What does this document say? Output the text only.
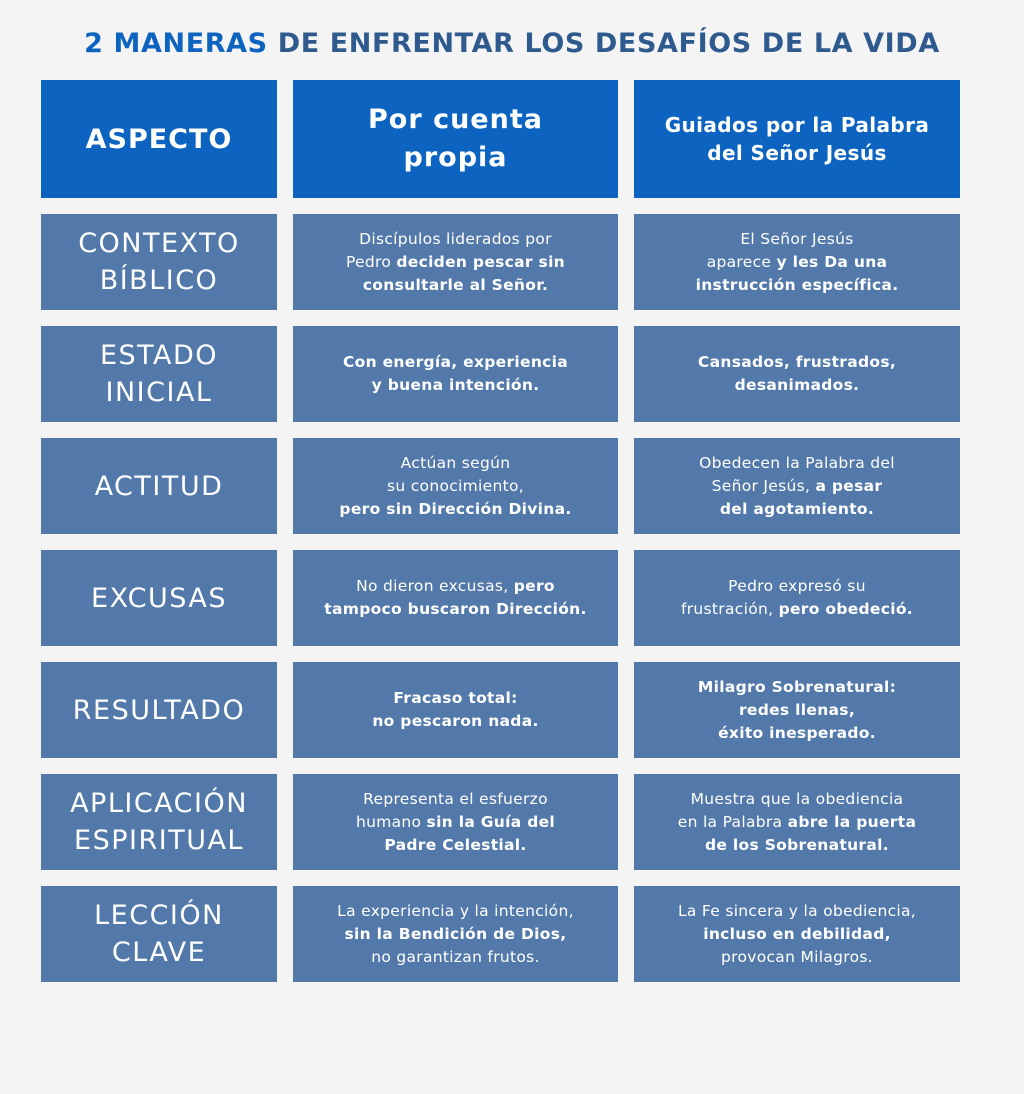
2 MANERAS DE ENFRENTAR LOS DESAFÍOS DE LA VIDA
ASPECTO
Por cuenta propia
Guiados por la Palabra del Señor Jesús
CONTEXTO
BÍBLICO
Discípulos liderados por
Pedro deciden pescar sin
consultarle al Señor.
El Señor Jesús
aparece y les Da una
instrucción específica.
ESTADO
INICIAL
Con energía, experiencia
y buena intención.
Cansados, frustrados,
desanimados.
ACTITUD
Actúan según
su conocimiento,
pero sin Dirección Divina.
Obedecen la Palabra del
Señor Jesús, a pesar
del agotamiento.
EXCUSAS	No dieron excusas, pero
tampoco buscaron Dirección.
Pedro expresó su
frustración, pero obedeció.
RESULTADO	Fracaso total:
no pescaron nada.
Milagro Sobrenatural:
redes llenas,
éxito inesperado.
APLICACIÓN
ESPIRITUAL
Representa el esfuerzo
humano sin la Guía del
Padre Celestial.
Muestra que la obediencia
en la Palabra abre la puerta
de los Sobrenatural.
LECCIÓN
CLAVE
La experiencia y la intención,
sin la Bendición de Dios,
no garantizan frutos.
La Fe sincera y la obediencia,
incluso en debilidad,
provocan Milagros.
